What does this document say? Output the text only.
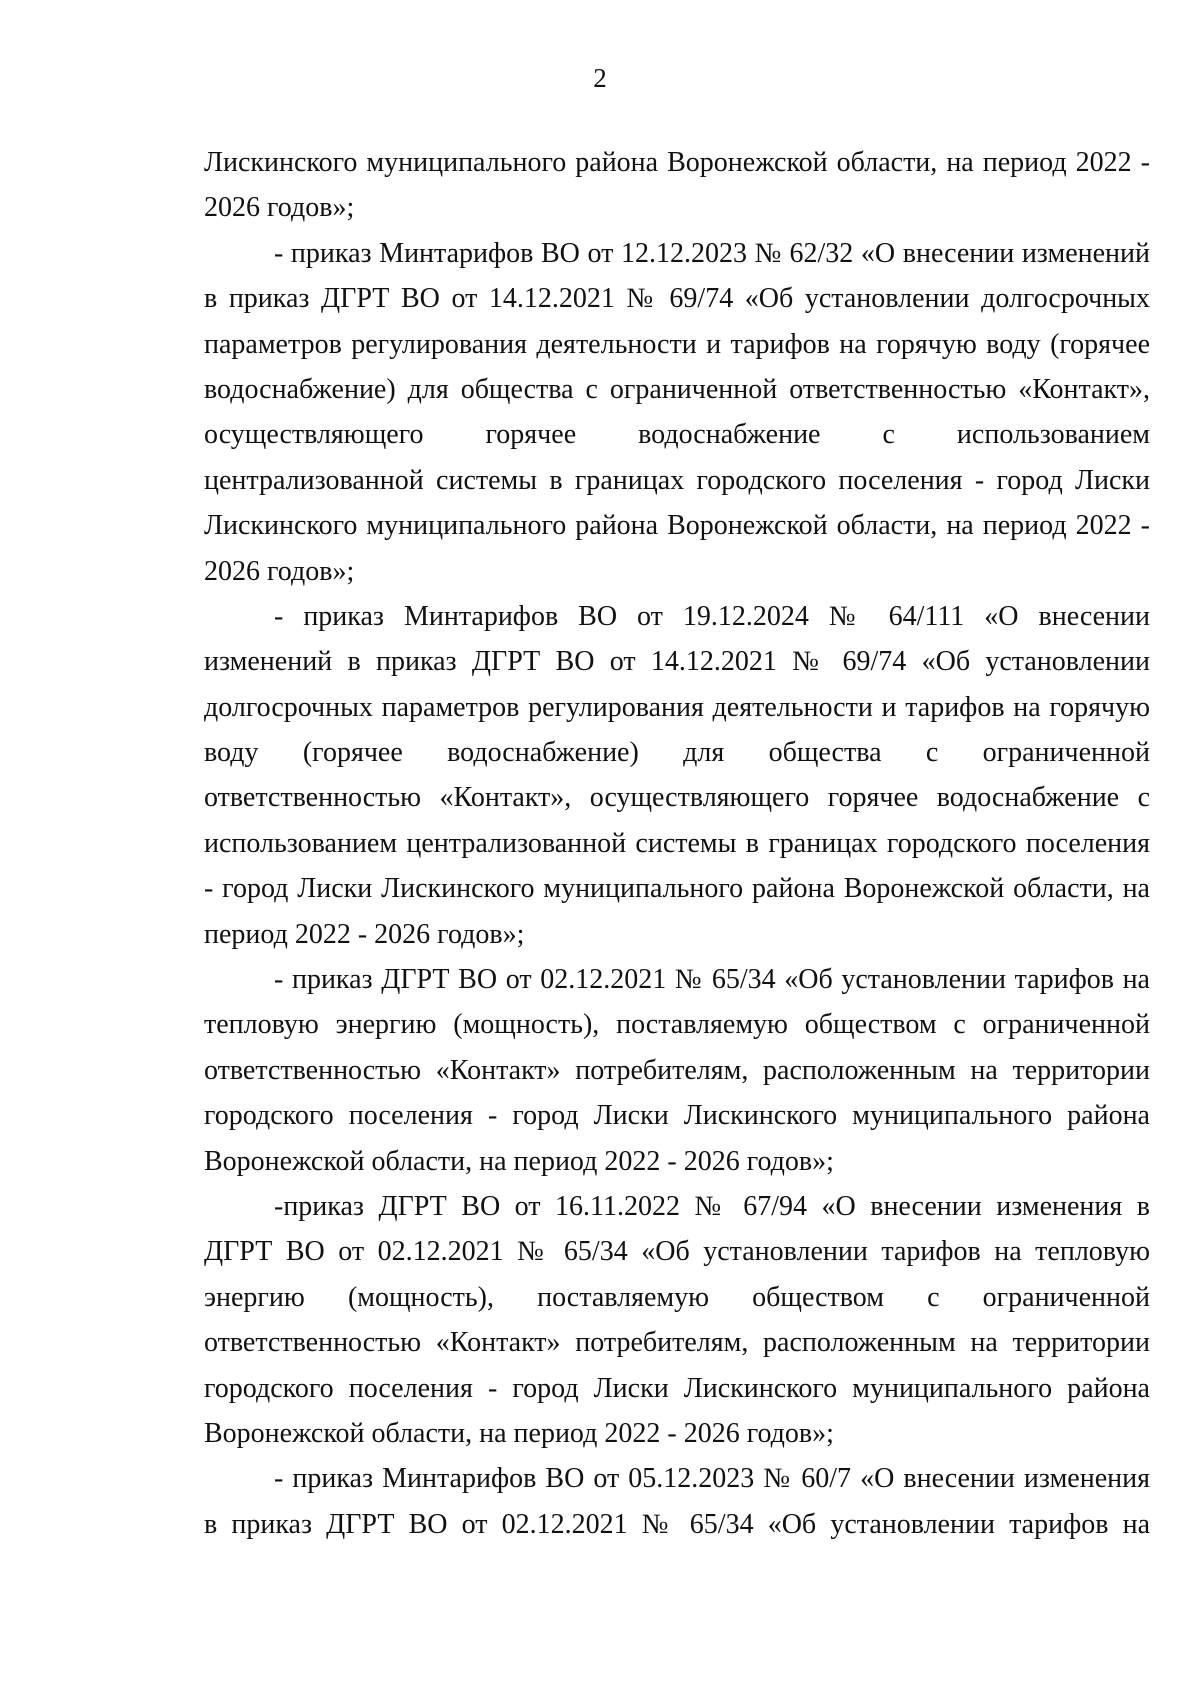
2
Лискинского муниципального района Воронежской области, на период 2022 -
2026 годов»;
- приказ Минтарифов ВО от 12.12.2023 № 62/32 «О внесении изменений
в приказ ДГРТ ВО от 14.12.2021 № 69/74 «Об установлении долгосрочных
параметров регулирования деятельности и тарифов на горячую воду (горячее
водоснабжение) для общества с ограниченной ответственностью «Контакт»,
осуществляющего горячее водоснабжение с использованием
централизованной системы в границах городского поселения - город Лиски
Лискинского муниципального района Воронежской области, на период 2022 -
2026 годов»;
- приказ Минтарифов ВО от 19.12.2024 № 64/111 «О внесении
изменений в приказ ДГРТ ВО от 14.12.2021 № 69/74 «Об установлении
долгосрочных параметров регулирования деятельности и тарифов на горячую
воду (горячее водоснабжение) для общества с ограниченной
ответственностью «Контакт», осуществляющего горячее водоснабжение с
использованием централизованной системы в границах городского поселения
- город Лиски Лискинского муниципального района Воронежской области, на
период 2022 - 2026 годов»;
- приказ ДГРТ ВО от 02.12.2021 № 65/34 «Об установлении тарифов на
тепловую энергию (мощность), поставляемую обществом с ограниченной
ответственностью «Контакт» потребителям, расположенным на территории
городского поселения - город Лиски Лискинского муниципального района
Воронежской области, на период 2022 - 2026 годов»;
-приказ ДГРТ ВО от 16.11.2022 № 67/94 «О внесении изменения в
ДГРТ ВО от 02.12.2021 № 65/34 «Об установлении тарифов на тепловую
энергию (мощность), поставляемую обществом с ограниченной
ответственностью «Контакт» потребителям, расположенным на территории
городского поселения - город Лиски Лискинского муниципального района
Воронежской области, на период 2022 - 2026 годов»;
- приказ Минтарифов ВО от 05.12.2023 № 60/7 «О внесении изменения
в приказ ДГРТ ВО от 02.12.2021 № 65/34 «Об установлении тарифов на
